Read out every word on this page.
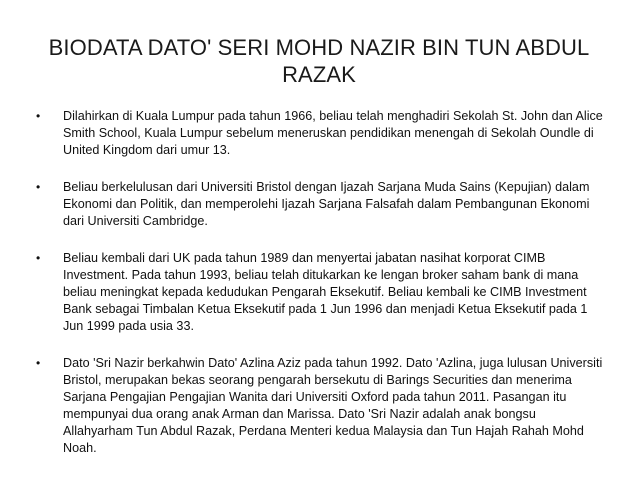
BIODATA DATO' SERI MOHD NAZIR BIN TUN ABDUL RAZAK
• Dilahirkan di Kuala Lumpur pada tahun 1966, beliau telah menghadiri Sekolah St. John dan Alice Smith School, Kuala Lumpur sebelum meneruskan pendidikan menengah di Sekolah Oundle di United Kingdom dari umur 13.
• Beliau berkelulusan dari Universiti Bristol dengan Ijazah Sarjana Muda Sains (Kepujian) dalam Ekonomi dan Politik, dan memperolehi Ijazah Sarjana Falsafah dalam Pembangunan Ekonomi dari Universiti Cambridge.
• Beliau kembali dari UK pada tahun 1989 dan menyertai jabatan nasihat korporat CIMB Investment. Pada tahun 1993, beliau telah ditukarkan ke lengan broker saham bank di mana beliau meningkat kepada kedudukan Pengarah Eksekutif. Beliau kembali ke CIMB Investment Bank sebagai Timbalan Ketua Eksekutif pada 1 Jun 1996 dan menjadi Ketua Eksekutif pada 1 Jun 1999 pada usia 33.
• Dato 'Sri Nazir berkahwin Dato' Azlina Aziz pada tahun 1992. Dato 'Azlina, juga lulusan Universiti Bristol, merupakan bekas seorang pengarah bersekutu di Barings Securities dan menerima Sarjana Pengajian Pengajian Wanita dari Universiti Oxford pada tahun 2011. Pasangan itu mempunyai dua orang anak Arman dan Marissa. Dato 'Sri Nazir adalah anak bongsu Allahyarham Tun Abdul Razak, Perdana Menteri kedua Malaysia dan Tun Hajah Rahah Mohd Noah.
